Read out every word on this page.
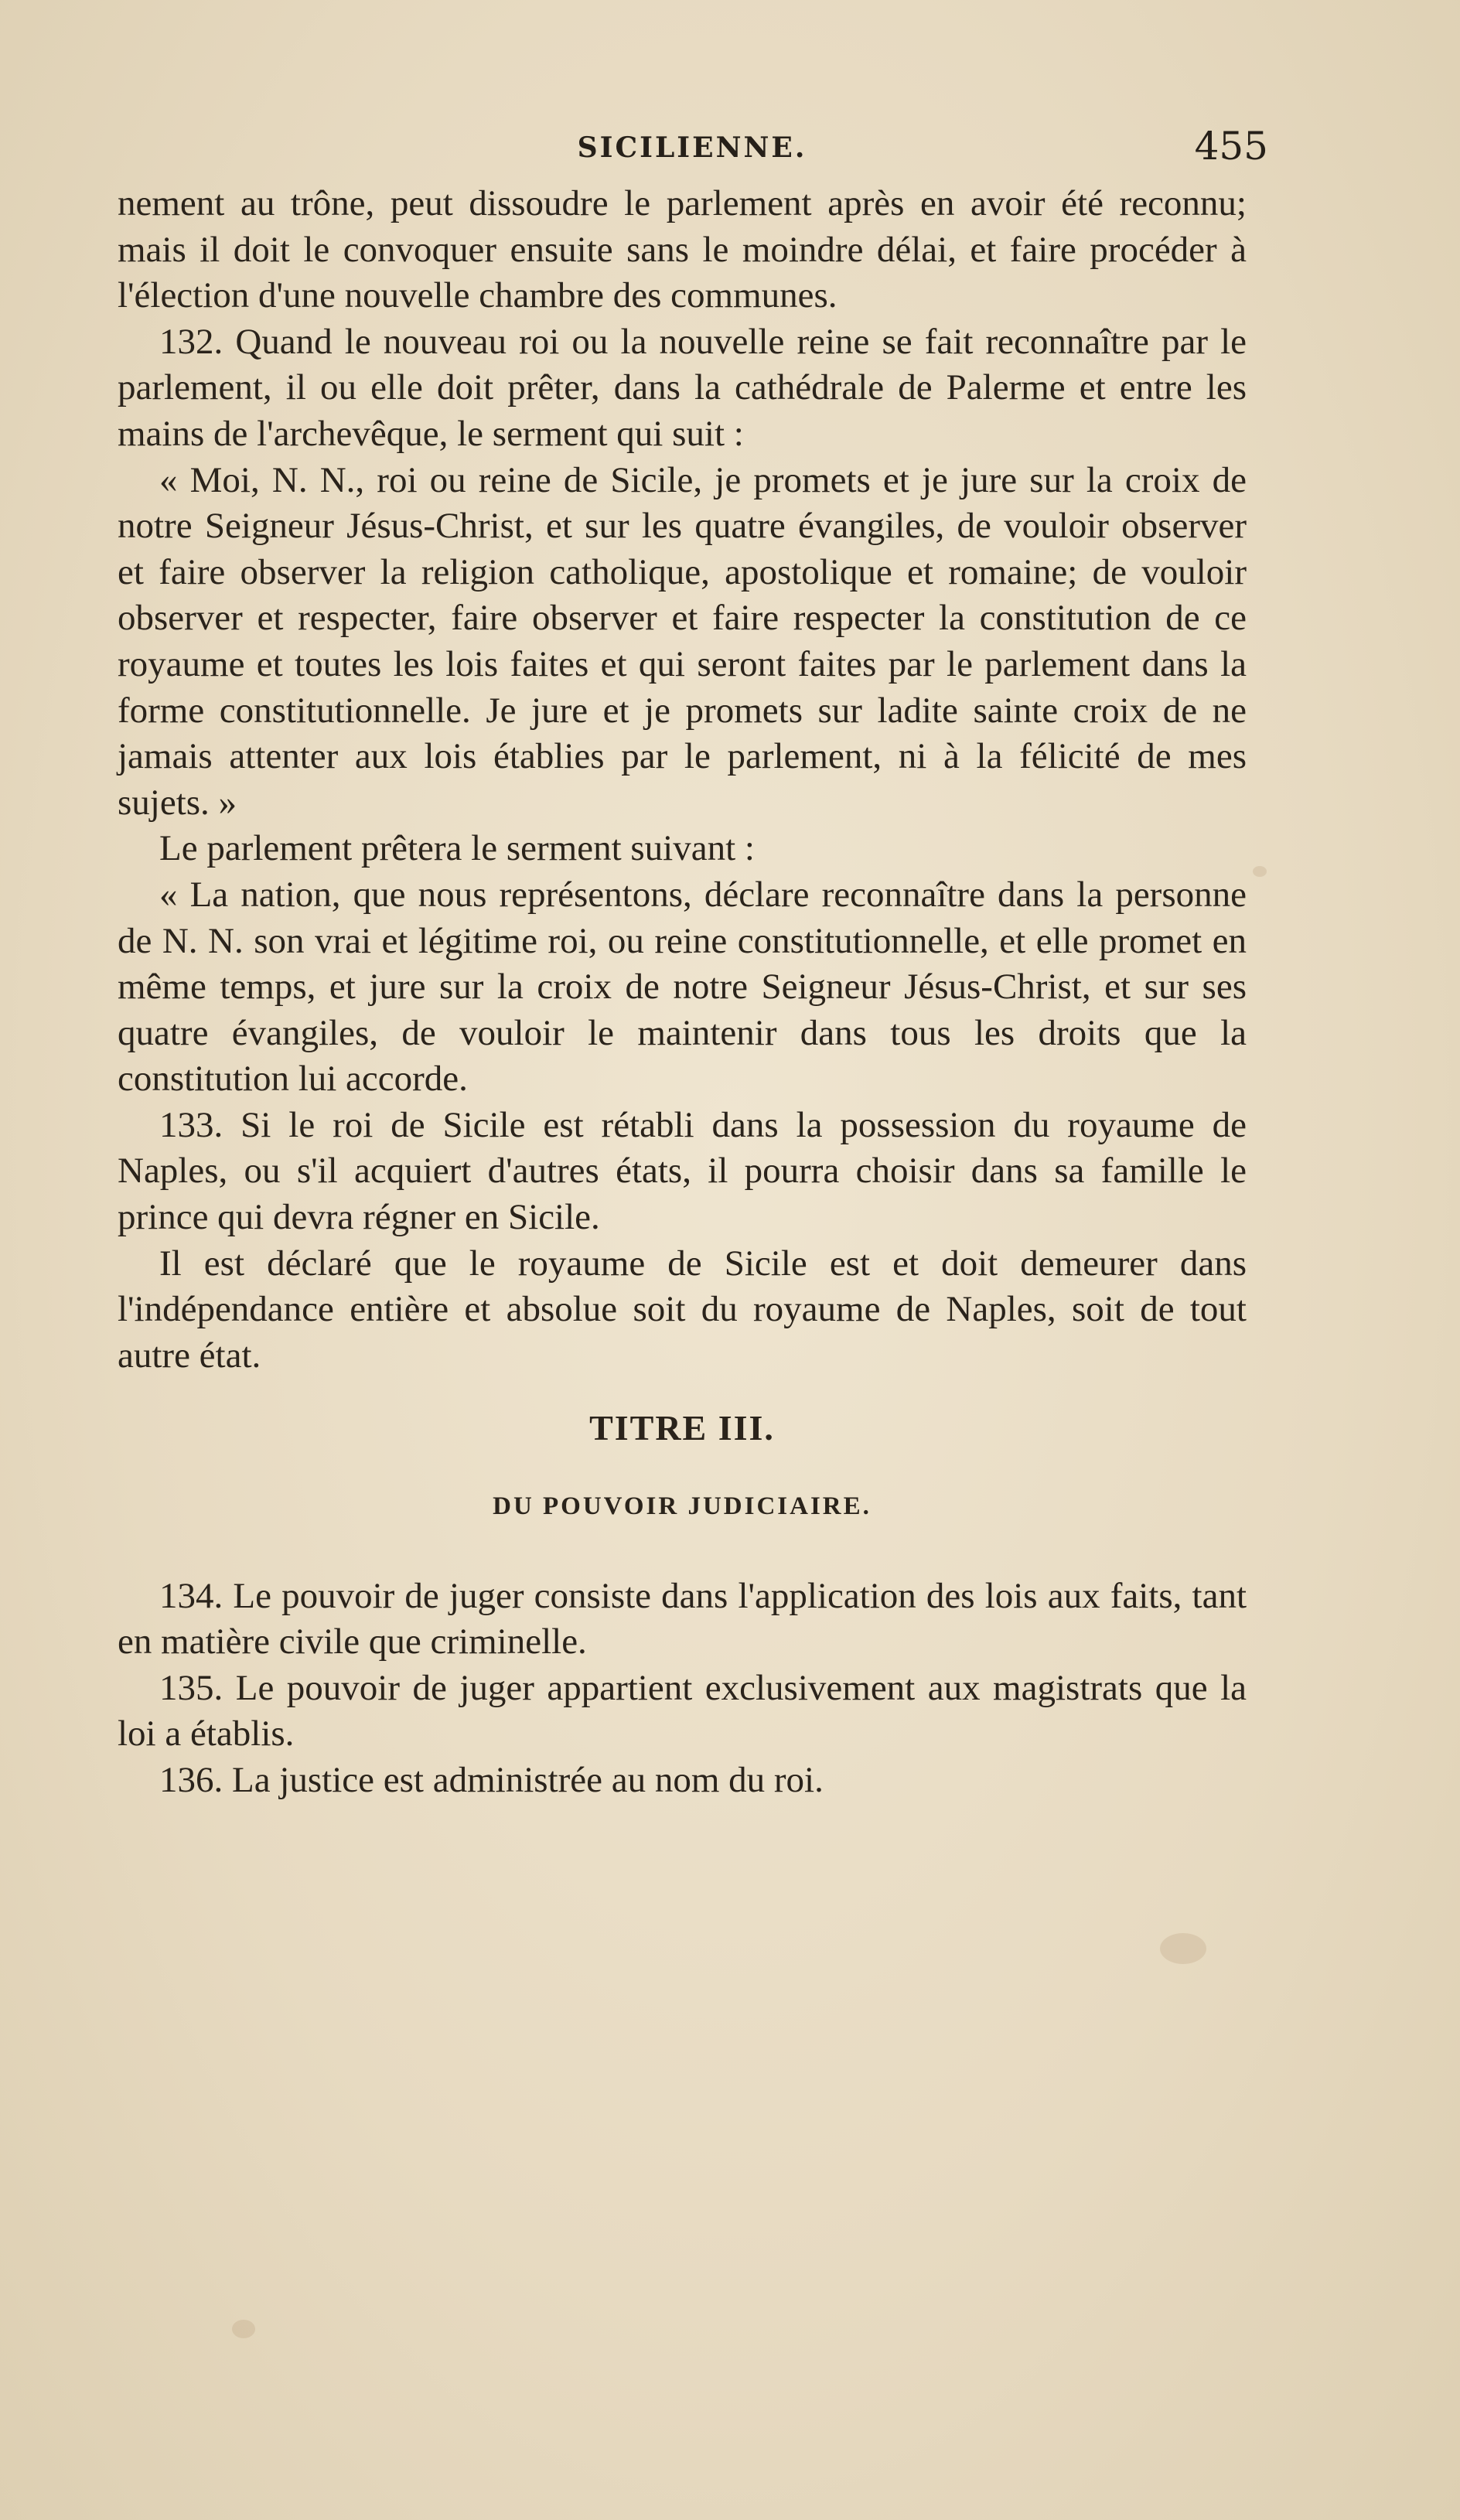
SICILIENNE.	455

nement au trône, peut dissoudre le parlement après en avoir été reconnu; mais il doit le convoquer ensuite sans le moindre délai, et faire procéder à l'élection d'une nouvelle chambre des communes.

132. Quand le nouveau roi ou la nouvelle reine se fait reconnaître par le parlement, il ou elle doit prêter, dans la cathédrale de Palerme et entre les mains de l'archevêque, le serment qui suit :

« Moi, N. N., roi ou reine de Sicile, je promets et je jure sur la croix de notre Seigneur Jésus-Christ, et sur les quatre évangiles, de vouloir observer et faire observer la religion catholique, apostolique et romaine; de vouloir observer et respecter, faire observer et faire respecter la constitution de ce royaume et toutes les lois faites et qui seront faites par le parlement dans la forme constitutionnelle. Je jure et je promets sur ladite sainte croix de ne jamais attenter aux lois établies par le parlement, ni à la félicité de mes sujets. »

Le parlement prêtera le serment suivant :

« La nation, que nous représentons, déclare reconnaître dans la personne de N. N. son vrai et légitime roi, ou reine constitutionnelle, et elle promet en même temps, et jure sur la croix de notre Seigneur Jésus-Christ, et sur ses quatre évangiles, de vouloir le maintenir dans tous les droits que la constitution lui accorde.

133. Si le roi de Sicile est rétabli dans la possession du royaume de Naples, ou s'il acquiert d'autres états, il pourra choisir dans sa famille le prince qui devra régner en Sicile.

Il est déclaré que le royaume de Sicile est et doit demeurer dans l'indépendance entière et absolue soit du royaume de Naples, soit de tout autre état.

TITRE III.

DU POUVOIR JUDICIAIRE.

134. Le pouvoir de juger consiste dans l'application des lois aux faits, tant en matière civile que criminelle.

135. Le pouvoir de juger appartient exclusivement aux magistrats que la loi a établis.

136. La justice est administrée au nom du roi.
